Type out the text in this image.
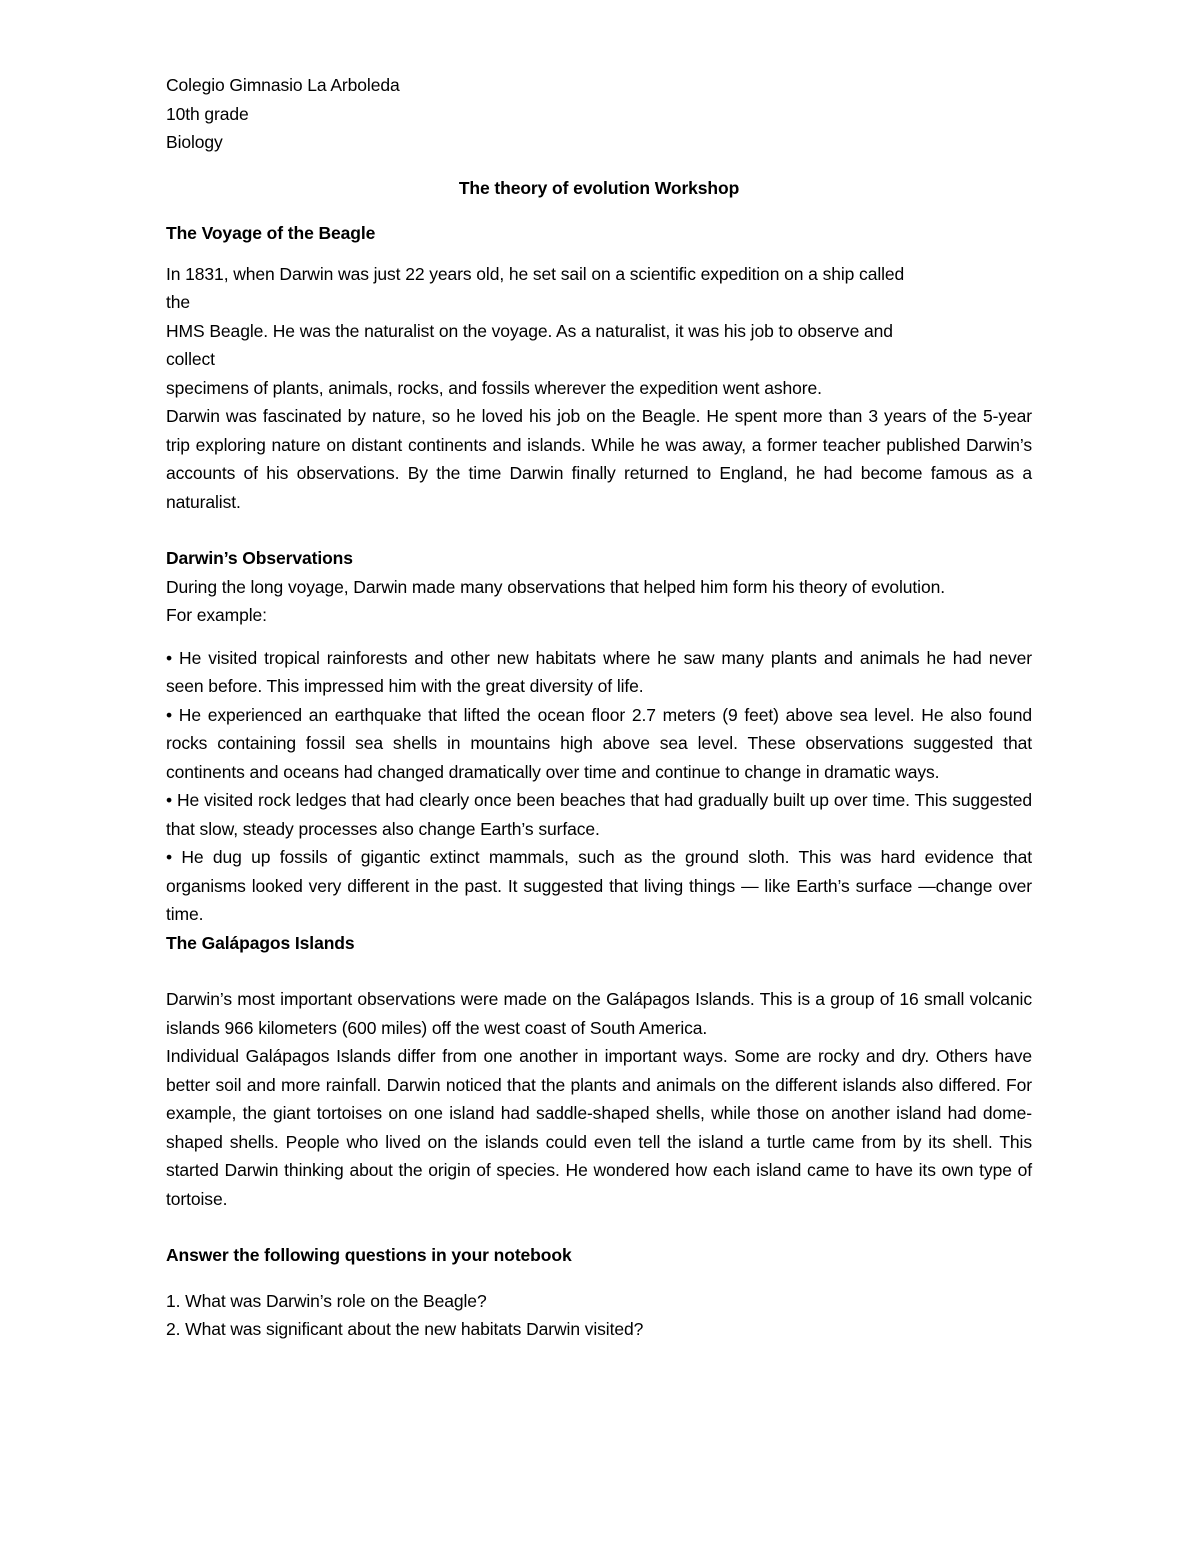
Colegio Gimnasio La Arboleda
10th grade
Biology

The theory of evolution Workshop

The Voyage of the Beagle

In 1831, when Darwin was just 22 years old, he set sail on a scientific expedition on a ship called

the

HMS Beagle. He was the naturalist on the voyage. As a naturalist, it was his job to observe and

collect

specimens of plants, animals, rocks, and fossils wherever the expedition went ashore.

Darwin was fascinated by nature, so he loved his job on the Beagle. He spent more than 3 years of the 5-year trip exploring nature on distant continents and islands. While he was away, a former teacher published Darwin’s accounts of his observations. By the time Darwin finally returned to England, he had become famous as a naturalist.

Darwin’s Observations

During the long voyage, Darwin made many observations that helped him form his theory of evolution.

For example:

• He visited tropical rainforests and other new habitats where he saw many plants and animals he had never seen before. This impressed him with the great diversity of life.

• He experienced an earthquake that lifted the ocean floor 2.7 meters (9 feet) above sea level. He also found rocks containing fossil sea shells in mountains high above sea level. These observations suggested that continents and oceans had changed dramatically over time and continue to change in dramatic ways.

• He visited rock ledges that had clearly once been beaches that had gradually built up over time. This suggested that slow, steady processes also change Earth’s surface.

• He dug up fossils of gigantic extinct mammals, such as the ground sloth. This was hard evidence that organisms looked very different in the past. It suggested that living things — like Earth’s surface —change over time.

The Galápagos Islands

Darwin’s most important observations were made on the Galápagos Islands. This is a group of 16 small volcanic islands 966 kilometers (600 miles) off the west coast of South America.

Individual Galápagos Islands differ from one another in important ways. Some are rocky and dry. Others have better soil and more rainfall. Darwin noticed that the plants and animals on the different islands also differed. For example, the giant tortoises on one island had saddle-shaped shells, while those on another island had dome-shaped shells. People who lived on the islands could even tell the island a turtle came from by its shell. This started Darwin thinking about the origin of species. He wondered how each island came to have its own type of tortoise.

Answer the following questions in your notebook

1. What was Darwin’s role on the Beagle?

2. What was significant about the new habitats Darwin visited?
